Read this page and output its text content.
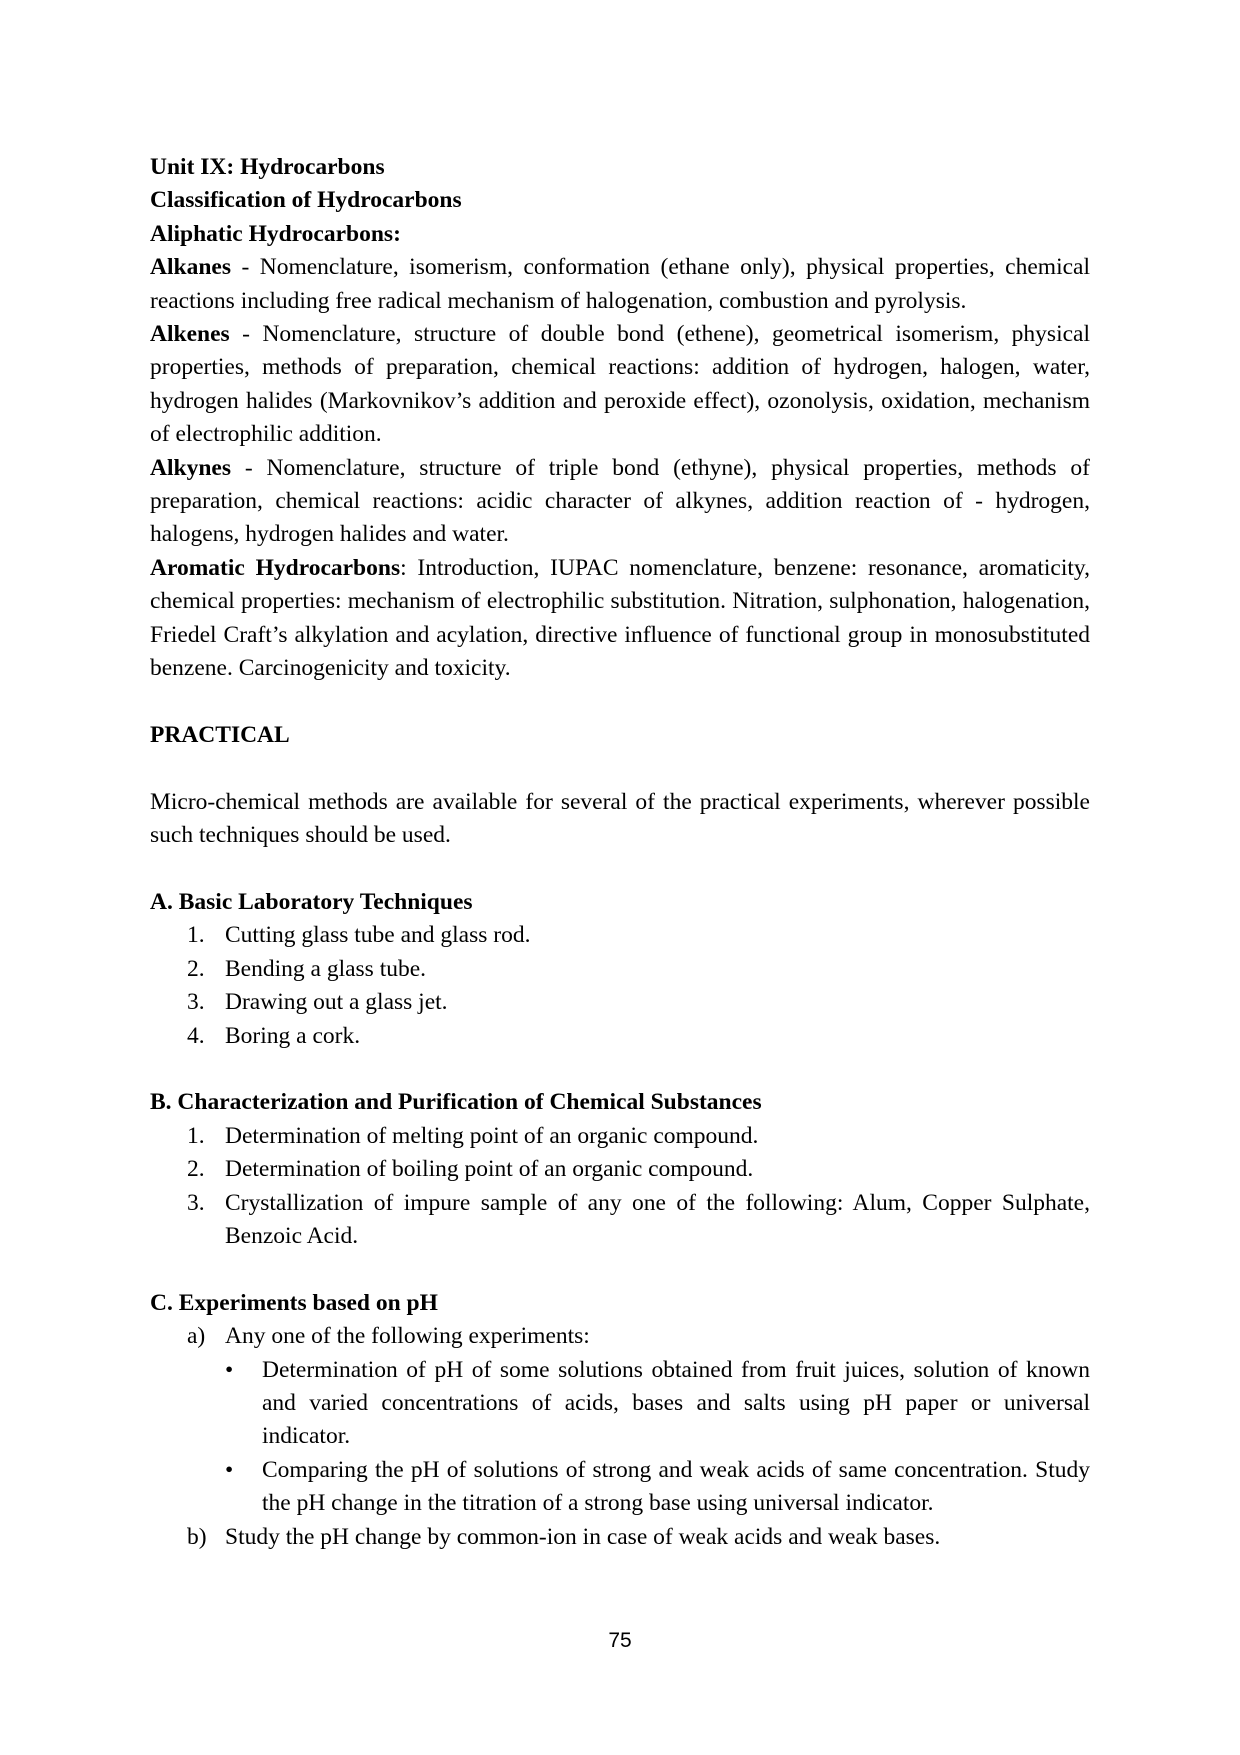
Unit IX: Hydrocarbons

Classification of Hydrocarbons

Aliphatic Hydrocarbons:

Alkanes - Nomenclature, isomerism, conformation (ethane only), physical properties, chemical reactions including free radical mechanism of halogenation, combustion and pyrolysis.

Alkenes - Nomenclature, structure of double bond (ethene), geometrical isomerism, physical properties, methods of preparation, chemical reactions: addition of hydrogen, halogen, water, hydrogen halides (Markovnikov’s addition and peroxide effect), ozonolysis, oxidation, mechanism of electrophilic addition.

Alkynes - Nomenclature, structure of triple bond (ethyne), physical properties, methods of preparation, chemical reactions: acidic character of alkynes, addition reaction of - hydrogen, halogens, hydrogen halides and water.

Aromatic Hydrocarbons: Introduction, IUPAC nomenclature, benzene: resonance, aromaticity, chemical properties: mechanism of electrophilic substitution. Nitration, sulphonation, halogenation, Friedel Craft’s alkylation and acylation, directive influence of functional group in monosubstituted benzene. Carcinogenicity and toxicity.

PRACTICAL

Micro-chemical methods are available for several of the practical experiments, wherever possible such techniques should be used.

A. Basic Laboratory Techniques

1. Cutting glass tube and glass rod.
2. Bending a glass tube.
3. Drawing out a glass jet.
4. Boring a cork.

B. Characterization and Purification of Chemical Substances

1. Determination of melting point of an organic compound.
2. Determination of boiling point of an organic compound.
3. Crystallization of impure sample of any one of the following: Alum, Copper Sulphate, Benzoic Acid.

C. Experiments based on pH

a) Any one of the following experiments:
• Determination of pH of some solutions obtained from fruit juices, solution of known and varied concentrations of acids, bases and salts using pH paper or universal indicator.
• Comparing the pH of solutions of strong and weak acids of same concentration. Study the pH change in the titration of a strong base using universal indicator.
b) Study the pH change by common-ion in case of weak acids and weak bases.
75
